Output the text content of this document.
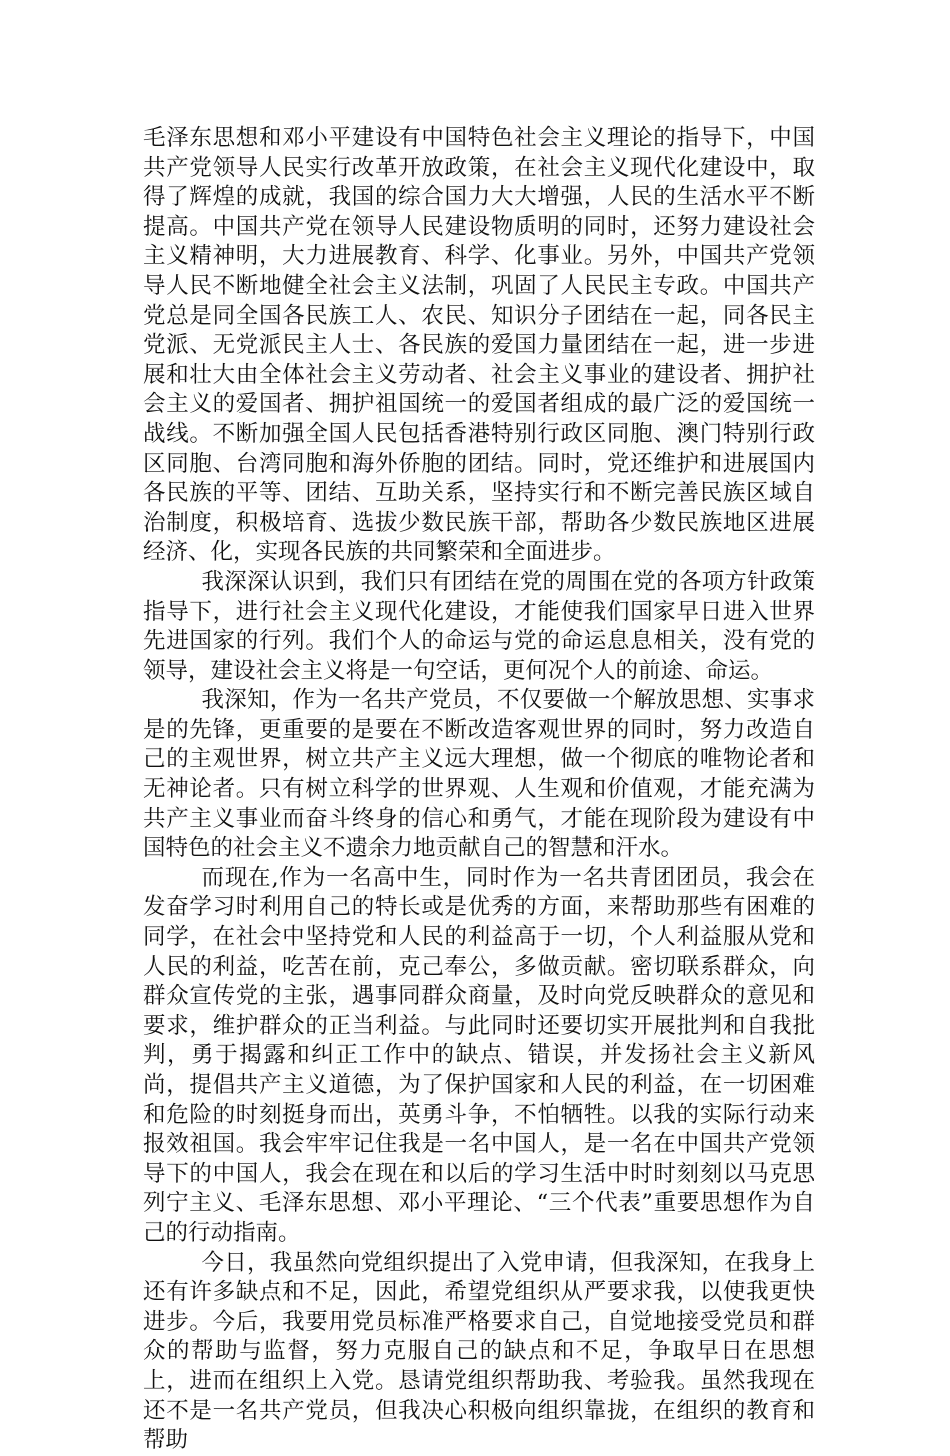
毛泽东思想和邓小平建设有中国特色社会主义理论的指导下，中国共产党领导人民实行改革开放政策，在社会主义现代化建设中，取得了辉煌的成就，我国的综合国力大大增强，人民的生活水平不断提高。中国共产党在领导人民建设物质明的同时，还努力建设社会主义精神明，大力进展教育、科学、化事业。另外，中国共产党领导人民不断地健全社会主义法制，巩固了人民民主专政。中国共产党总是同全国各民族工人、农民、知识分子团结在一起，同各民主党派、无党派民主人士、各民族的爱国力量团结在一起，进一步进展和壮大由全体社会主义劳动者、社会主义事业的建设者、拥护社会主义的爱国者、拥护祖国统一的爱国者组成的最广泛的爱国统一战线。不断加强全国人民包括香港特别行政区同胞、澳门特别行政区同胞、台湾同胞和海外侨胞的团结。同时，党还维护和进展国内各民族的平等、团结、互助关系，坚持实行和不断完善民族区域自治制度，积极培育、选拔少数民族干部，帮助各少数民族地区进展经济、化，实现各民族的共同繁荣和全面进步。

我深深认识到，我们只有团结在党的周围在党的各项方针政策指导下，进行社会主义现代化建设，才能使我们国家早日进入世界先进国家的行列。我们个人的命运与党的命运息息相关，没有党的领导，建设社会主义将是一句空话，更何况个人的前途、命运。

我深知，作为一名共产党员，不仅要做一个解放思想、实事求是的先锋，更重要的是要在不断改造客观世界的同时，努力改造自己的主观世界，树立共产主义远大理想，做一个彻底的唯物论者和无神论者。只有树立科学的世界观、人生观和价值观，才能充满为共产主义事业而奋斗终身的信心和勇气，才能在现阶段为建设有中国特色的社会主义不遗余力地贡献自己的智慧和汗水。

而现在,作为一名高中生，同时作为一名共青团团员，我会在发奋学习时利用自己的特长或是优秀的方面，来帮助那些有困难的同学，在社会中坚持党和人民的利益高于一切，个人利益服从党和人民的利益，吃苦在前，克己奉公，多做贡献。密切联系群众，向群众宣传党的主张，遇事同群众商量，及时向党反映群众的意见和要求，维护群众的正当利益。与此同时还要切实开展批判和自我批判，勇于揭露和纠正工作中的缺点、错误，并发扬社会主义新风尚，提倡共产主义道德，为了保护国家和人民的利益，在一切困难和危险的时刻挺身而出，英勇斗争，不怕牺牲。以我的实际行动来报效祖国。我会牢牢记住我是一名中国人，是一名在中国共产党领导下的中国人，我会在现在和以后的学习生活中时时刻刻以马克思列宁主义、毛泽东思想、邓小平理论、“三个代表”重要思想作为自己的行动指南。

今日，我虽然向党组织提出了入党申请，但我深知，在我身上还有许多缺点和不足，因此，希望党组织从严要求我，以使我更快进步。今后，我要用党员标准严格要求自己，自觉地接受党员和群众的帮助与监督，努力克服自己的缺点和不足，争取早日在思想上，进而在组织上入党。恳请党组织帮助我、考验我。虽然我现在还不是一名共产党员，但我决心积极向组织靠拢，在组织的教育和帮助
